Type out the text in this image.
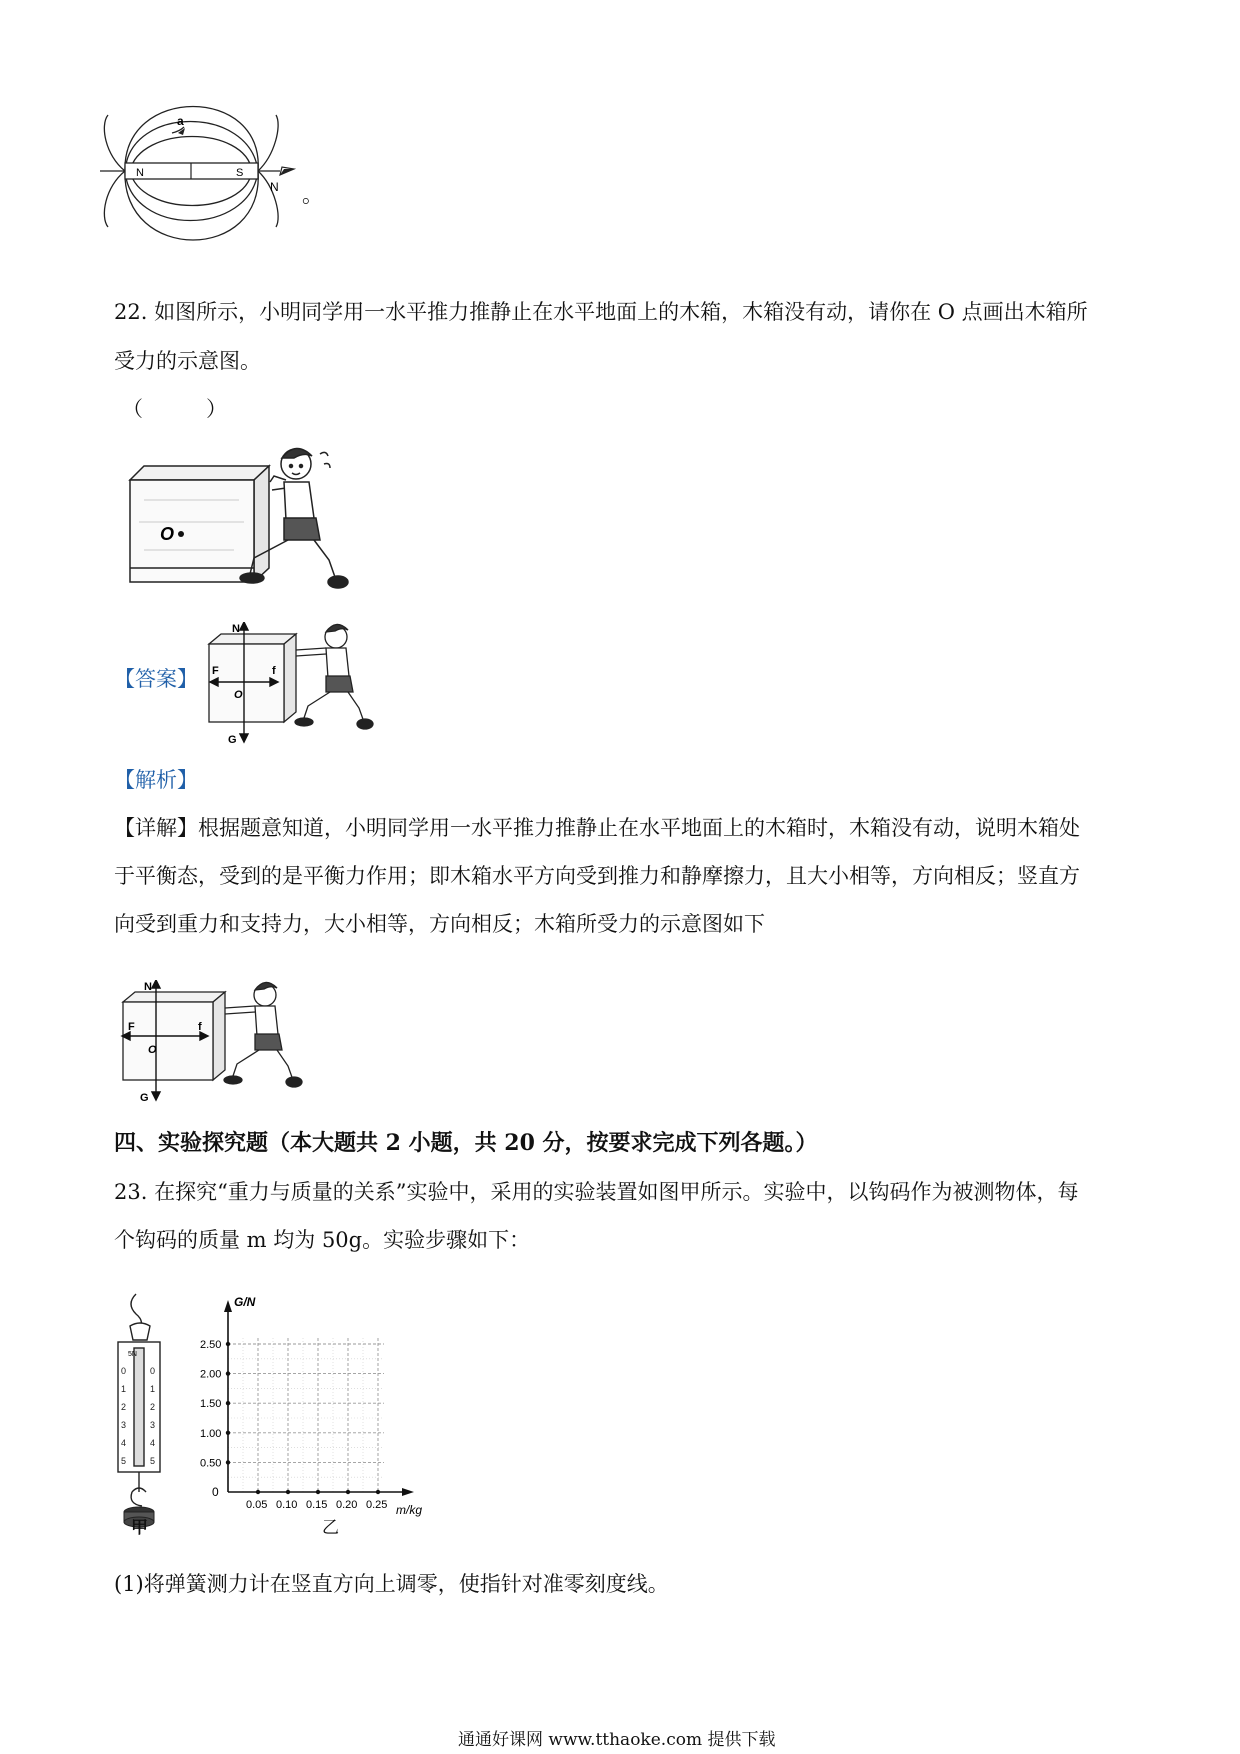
N	S
a
N 。
22. 如图所示，小明同学用一水平推力推静止在水平地面上的木箱，木箱没有动，请你在 O 点画出木箱所
受力的示意图。
（　　　）
O
【答案】
N
F	f
O
G
【解析】
【详解】根据题意知道，小明同学用一水平推力推静止在水平地面上的木箱时，木箱没有动，说明木箱处
于平衡态，受到的是平衡力作用；即木箱水平方向受到推力和静摩擦力，且大小相等，方向相反；竖直方
向受到重力和支持力，大小相等，方向相反；木箱所受力的示意图如下
N
F	f
O
G
四、实验探究题（本大题共 2 小题，共 20 分，按要求完成下列各题。）
23. 在探究“重力与质量的关系”实验中，采用的实验装置如图甲所示。实验中，以钩码作为被测物体，每
个钩码的质量 m 均为 50g。实验步骤如下：
5N
0
1
2
3
4
5
0
1
2
3
4
5
甲
G/N
m/kg
0
0.05 0.10 0.15 0.20 0.25
2.50
2.00
1.50
1.00
0.50
乙
(1)将弹簧测力计在竖直方向上调零，使指针对准零刻度线。
通通好课网 www.tthaoke.com 提供下载
